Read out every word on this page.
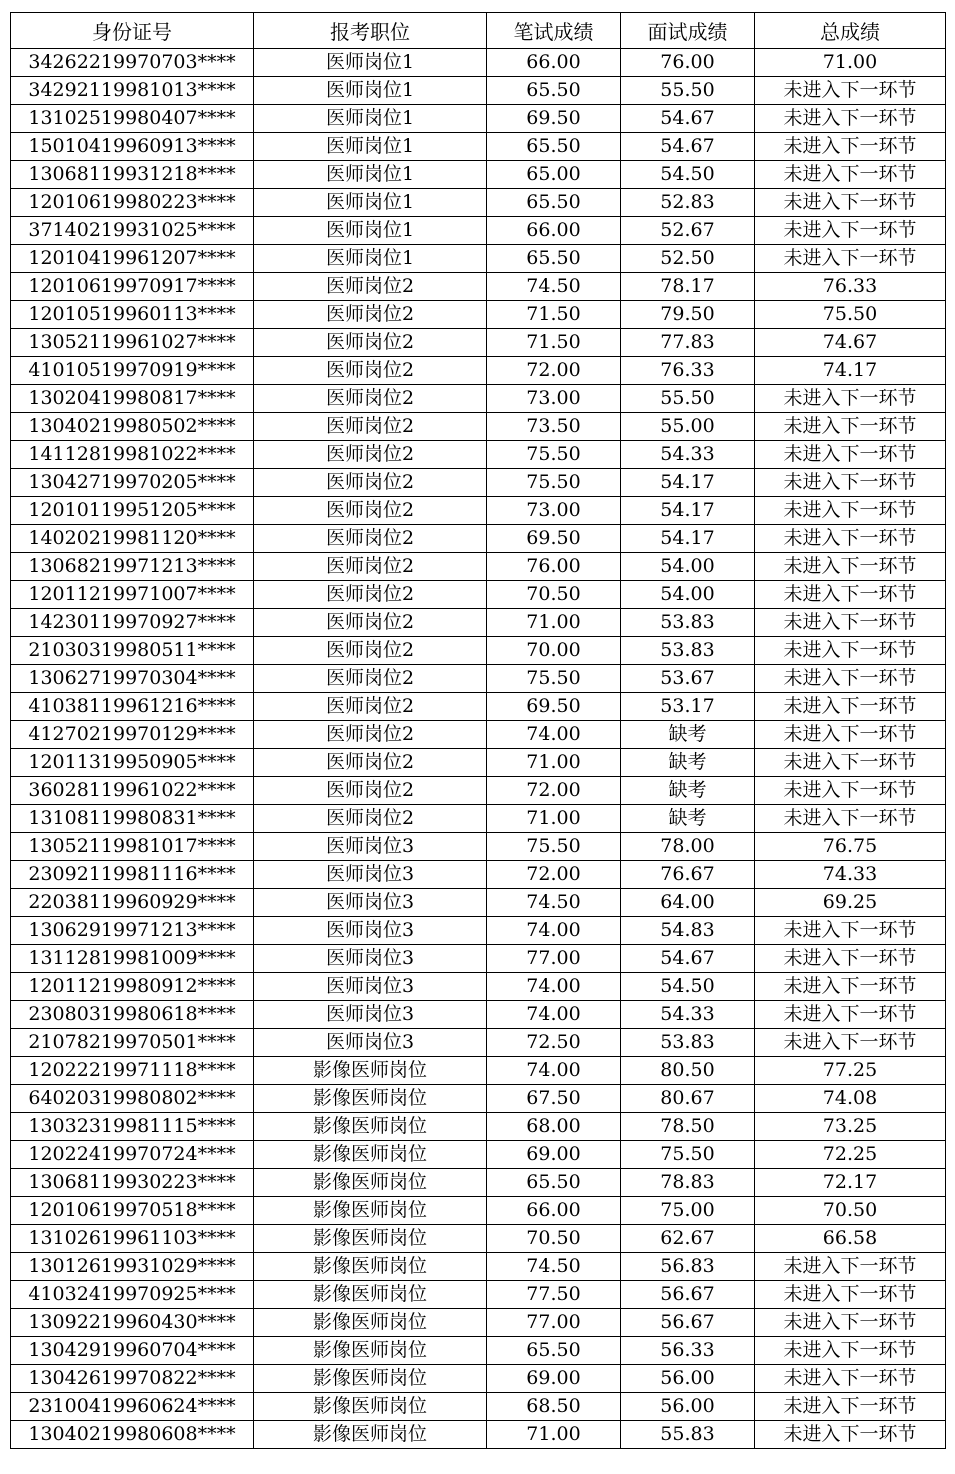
身份证号	报考职位	笔试成绩	面试成绩	总成绩
34262219970703****	医师岗位1	66.00	76.00	71.00
34292119981013****	医师岗位1	65.50	55.50	未进入下一环节
13102519980407****	医师岗位1	69.50	54.67	未进入下一环节
15010419960913****	医师岗位1	65.50	54.67	未进入下一环节
13068119931218****	医师岗位1	65.00	54.50	未进入下一环节
12010619980223****	医师岗位1	65.50	52.83	未进入下一环节
37140219931025****	医师岗位1	66.00	52.67	未进入下一环节
12010419961207****	医师岗位1	65.50	52.50	未进入下一环节
12010619970917****	医师岗位2	74.50	78.17	76.33
12010519960113****	医师岗位2	71.50	79.50	75.50
13052119961027****	医师岗位2	71.50	77.83	74.67
41010519970919****	医师岗位2	72.00	76.33	74.17
13020419980817****	医师岗位2	73.00	55.50	未进入下一环节
13040219980502****	医师岗位2	73.50	55.00	未进入下一环节
14112819981022****	医师岗位2	75.50	54.33	未进入下一环节
13042719970205****	医师岗位2	75.50	54.17	未进入下一环节
12010119951205****	医师岗位2	73.00	54.17	未进入下一环节
14020219981120****	医师岗位2	69.50	54.17	未进入下一环节
13068219971213****	医师岗位2	76.00	54.00	未进入下一环节
12011219971007****	医师岗位2	70.50	54.00	未进入下一环节
14230119970927****	医师岗位2	71.00	53.83	未进入下一环节
21030319980511****	医师岗位2	70.00	53.83	未进入下一环节
13062719970304****	医师岗位2	75.50	53.67	未进入下一环节
41038119961216****	医师岗位2	69.50	53.17	未进入下一环节
41270219970129****	医师岗位2	74.00	缺考	未进入下一环节
12011319950905****	医师岗位2	71.00	缺考	未进入下一环节
36028119961022****	医师岗位2	72.00	缺考	未进入下一环节
13108119980831****	医师岗位2	71.00	缺考	未进入下一环节
13052119981017****	医师岗位3	75.50	78.00	76.75
23092119981116****	医师岗位3	72.00	76.67	74.33
22038119960929****	医师岗位3	74.50	64.00	69.25
13062919971213****	医师岗位3	74.00	54.83	未进入下一环节
13112819981009****	医师岗位3	77.00	54.67	未进入下一环节
12011219980912****	医师岗位3	74.00	54.50	未进入下一环节
23080319980618****	医师岗位3	74.00	54.33	未进入下一环节
21078219970501****	医师岗位3	72.50	53.83	未进入下一环节
12022219971118****	影像医师岗位	74.00	80.50	77.25
64020319980802****	影像医师岗位	67.50	80.67	74.08
13032319981115****	影像医师岗位	68.00	78.50	73.25
12022419970724****	影像医师岗位	69.00	75.50	72.25
13068119930223****	影像医师岗位	65.50	78.83	72.17
12010619970518****	影像医师岗位	66.00	75.00	70.50
13102619961103****	影像医师岗位	70.50	62.67	66.58
13012619931029****	影像医师岗位	74.50	56.83	未进入下一环节
41032419970925****	影像医师岗位	77.50	56.67	未进入下一环节
13092219960430****	影像医师岗位	77.00	56.67	未进入下一环节
13042919960704****	影像医师岗位	65.50	56.33	未进入下一环节
13042619970822****	影像医师岗位	69.00	56.00	未进入下一环节
23100419960624****	影像医师岗位	68.50	56.00	未进入下一环节
13040219980608****	影像医师岗位	71.00	55.83	未进入下一环节
